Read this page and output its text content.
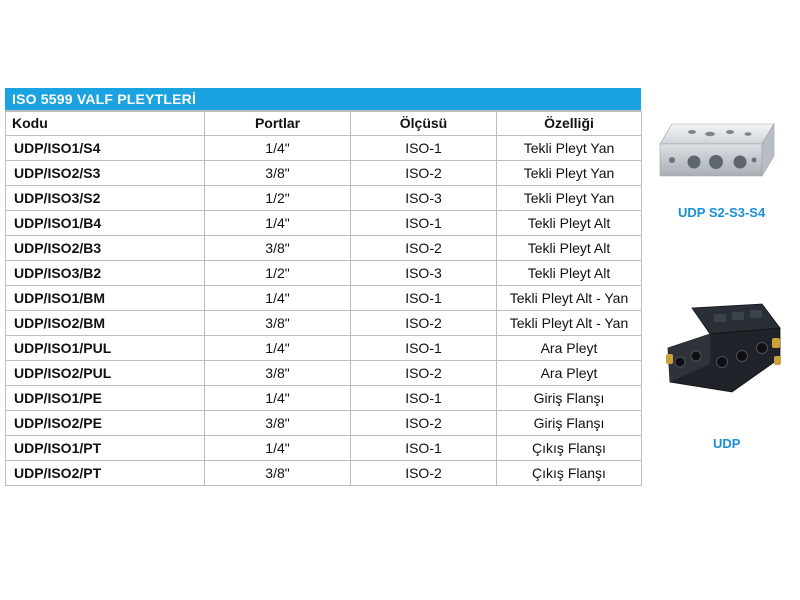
ISO 5599 VALF PLEYTLERİ
Kodu	Portlar	Ölçüsü	Özelliği
UDP/ISO1/S4	1/4"	ISO-1	Tekli Pleyt Yan
UDP/ISO2/S3	3/8"	ISO-2	Tekli Pleyt Yan
UDP/ISO3/S2	1/2"	ISO-3	Tekli Pleyt Yan
UDP/ISO1/B4	1/4"	ISO-1	Tekli Pleyt Alt
UDP/ISO2/B3	3/8"	ISO-2	Tekli Pleyt Alt
UDP/ISO3/B2	1/2"	ISO-3	Tekli Pleyt Alt
UDP/ISO1/BM	1/4"	ISO-1	Tekli Pleyt Alt - Yan
UDP/ISO2/BM	3/8"	ISO-2	Tekli Pleyt Alt - Yan
UDP/ISO1/PUL	1/4"	ISO-1	Ara Pleyt
UDP/ISO2/PUL	3/8"	ISO-2	Ara Pleyt
UDP/ISO1/PE	1/4"	ISO-1	Giriş Flanşı
UDP/ISO2/PE	3/8"	ISO-2	Giriş Flanşı
UDP/ISO1/PT	1/4"	ISO-1	Çıkış Flanşı
UDP/ISO2/PT	3/8"	ISO-2	Çıkış Flanşı
UDP S2-S3-S4
UDP
